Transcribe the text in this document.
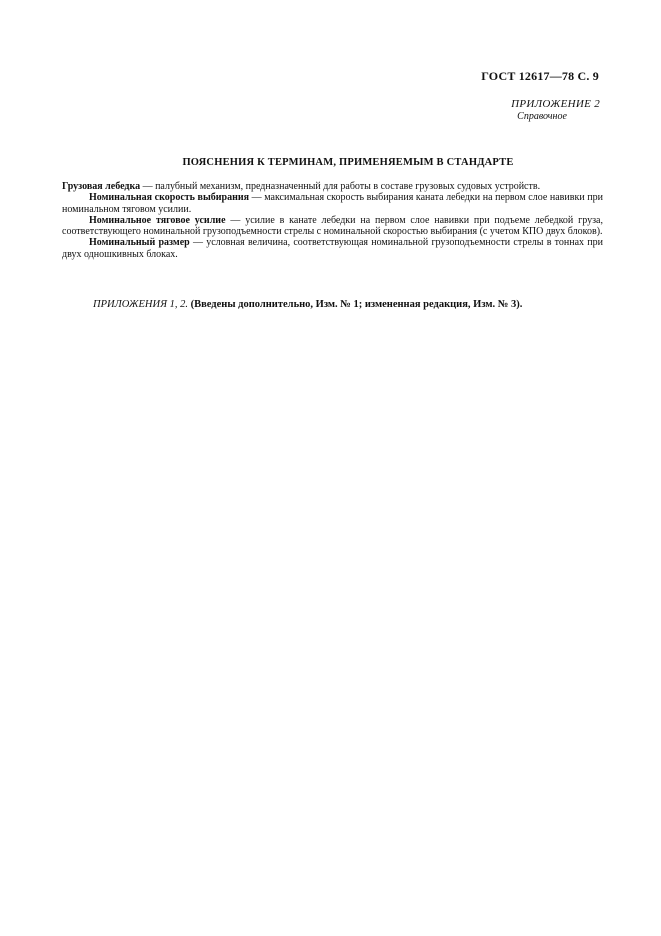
ГОСТ 12617—78 С. 9
ПРИЛОЖЕНИЕ 2
Справочное
ПОЯСНЕНИЯ К ТЕРМИНАМ, ПРИМЕНЯЕМЫМ В СТАНДАРТЕ

Грузовая лебедка — палубный механизм, предназначенный для работы в составе грузовых судовых устройств.

Номинальная скорость выбирания — максимальная скорость выбирания каната лебедки на первом слое навивки при номинальном тяговом усилии.

Номинальное тяговое усилие — усилие в канате лебедки на первом слое навивки при подъеме лебедкой груза, соответствующего номинальной грузоподъемности стрелы с номинальной скоростью выбирания (с учетом КПО двух блоков).

Номинальный размер — условная величина, соответствующая номинальной грузоподъемности стрелы в тоннах при двух одношкивных блоках.

ПРИЛОЖЕНИЯ 1, 2. (Введены дополнительно, Изм. № 1; измененная редакция, Изм. № 3).
